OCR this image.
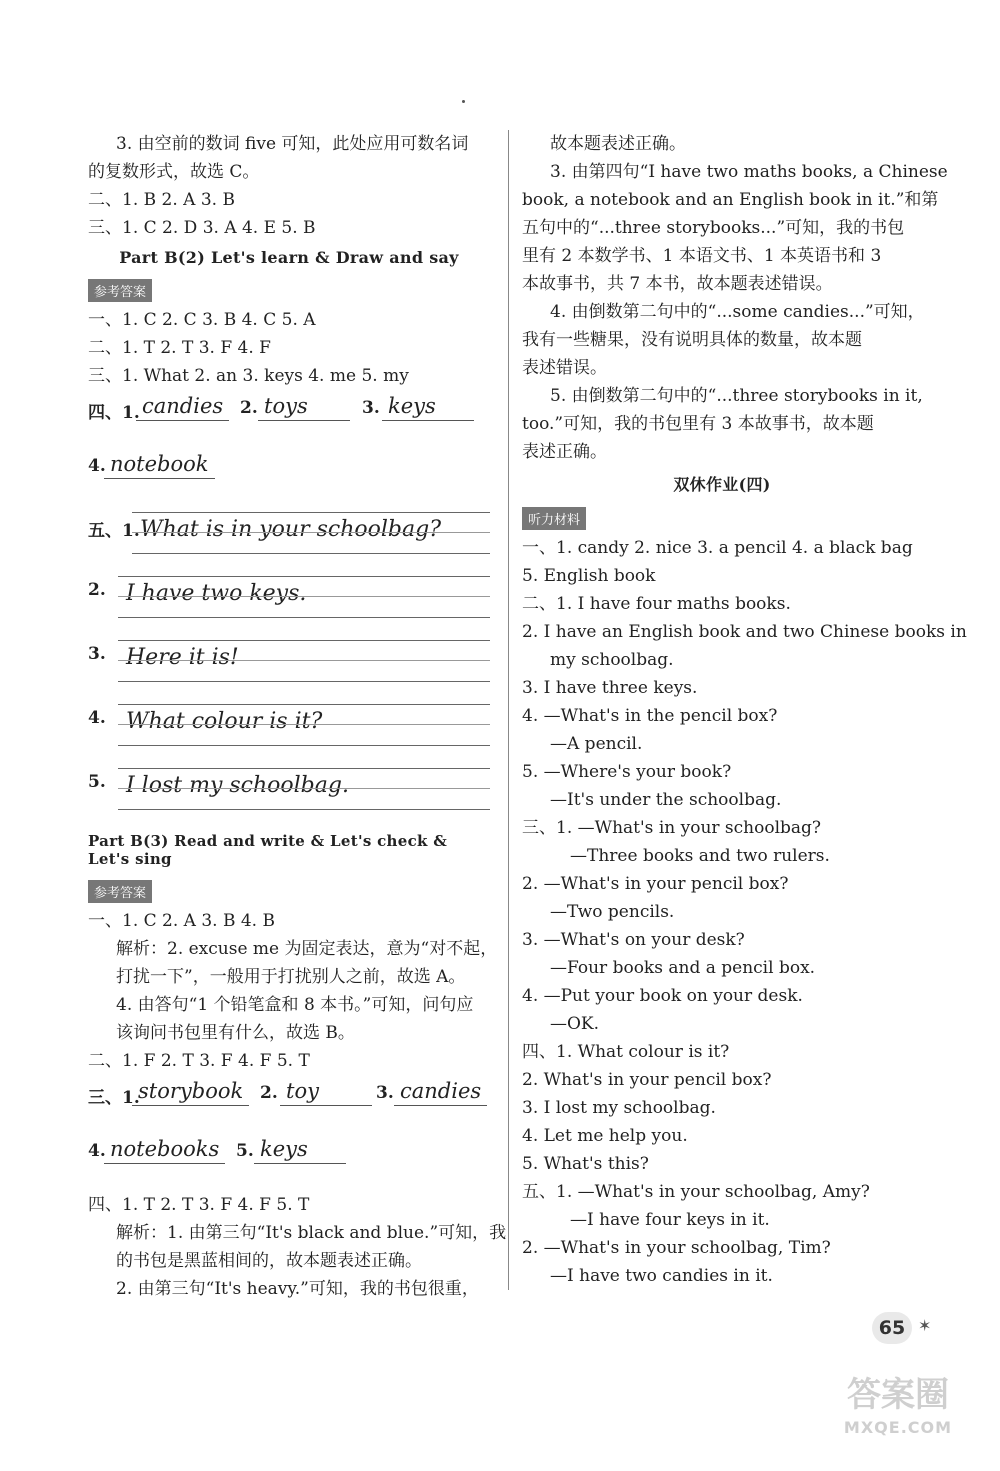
3. 由空前的数词 five 可知，此处应用可数名词
的复数形式，故选 C。
二、1. B 2. A 3. B
三、1. C 2. D 3. A 4. E 5. B
Part B(2) Let's learn & Draw and say
参考答案
一、1. C 2. C 3. B 4. C 5. A
二、1. T 2. T 3. F 4. F
三、1. What 2. an 3. keys 4. me 5. my
四、1. candies 2. toys	3. keys
4. notebook
五、1. What is in your schoolbag?
2. I have two keys.
3. Here it is!
4. What colour is it?
5. I lost my schoolbag.
Part B(3) Read and write & Let's check & Let's sing
参考答案
一、1. C 2. A 3. B 4. B
解析：2. excuse me 为固定表达，意为“对不起，
打扰一下”，一般用于打扰别人之前，故选 A。
4. 由答句“1 个铅笔盒和 8 本书。”可知，问句应
该询问书包里有什么，故选 B。
二、1. F 2. T 3. F 4. F 5. T
三、1.
storybook 2. toy	3. candies
4. notebooks 5. keys
四、1. T 2. T 3. F 4. F 5. T
解析：1. 由第三句“It's black and blue.”可知，我
的书包是黑蓝相间的，故本题表述正确。
2. 由第三句“It's heavy.”可知，我的书包很重，
故本题表述正确。
3. 由第四句“I have two maths books, a Chinese
book, a notebook and an English book in it.”和第
五句中的“...three storybooks...”可知，我的书包
里有 2 本数学书、1 本语文书、1 本英语书和 3
本故事书，共 7 本书，故本题表述错误。
4. 由倒数第二句中的“...some candies...”可知，
我有一些糖果，没有说明具体的数量，故本题
表述错误。
5. 由倒数第二句中的“...three storybooks in it,
too.”可知，我的书包里有 3 本故事书，故本题
表述正确。
双休作业(四)
听力材料
一、1. candy 2. nice 3. a pencil 4. a black bag
5. English book
二、1. I have four maths books.
2. I have an English book and two Chinese books in
my schoolbag.
3. I have three keys.
4. —What's in the pencil box?
—A pencil.
5. —Where's your book?
—It's under the schoolbag.
三、1. —What's in your schoolbag?
—Three books and two rulers.
2. —What's in your pencil box?
—Two pencils.
3. —What's on your desk?
—Four books and a pencil box.
4. —Put your book on your desk.
—OK.
四、1. What colour is it?
2. What's in your pencil box?
3. I lost my schoolbag.
4. Let me help you.
5. What's this?
五、1. —What's in your schoolbag, Amy?
—I have four keys in it.
2. —What's in your schoolbag, Tim?
—I have two candies in it.
65 ✶
答案圈
MXQE.COM
